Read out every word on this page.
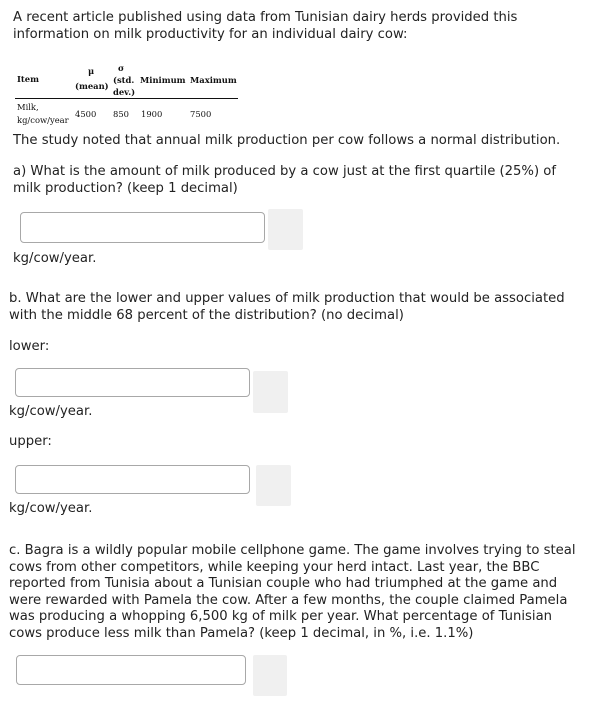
A recent article published using data from Tunisian dairy herds provided this
information on milk productivity for an individual dairy cow:
Item
μ
(mean)
σ
(std.
dev.)
Minimum Maximum
Milk,
kg/cow/year
4500 850 1900	7500
The study noted that annual milk production per cow follows a normal distribution.
a) What is the amount of milk produced by a cow just at the first quartile (25%) of
milk production? (keep 1 decimal)
kg/cow/year.
b. What are the lower and upper values of milk production that would be associated
with the middle 68 percent of the distribution? (no decimal)
lower:
kg/cow/year.
upper:
kg/cow/year.
c. Bagra is a wildly popular mobile cellphone game. The game involves trying to steal
cows from other competitors, while keeping your herd intact. Last year, the BBC
reported from Tunisia about a Tunisian couple who had triumphed at the game and
were rewarded with Pamela the cow. After a few months, the couple claimed Pamela
was producing a whopping 6,500 kg of milk per year. What percentage of Tunisian
cows produce less milk than Pamela? (keep 1 decimal, in %, i.e. 1.1%)
